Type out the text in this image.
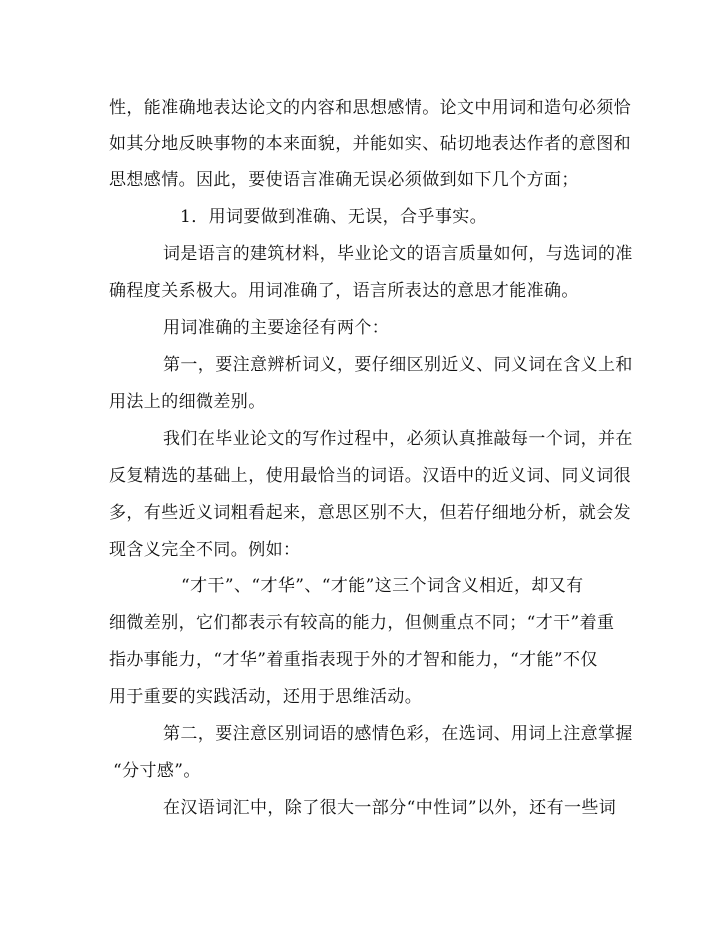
性，能准确地表达论文的内容和思想感情。论文中用词和造句必须恰
如其分地反映事物的本来面貌，并能如实、砧切地表达作者的意图和
思想感情。因此，要使语言准确无误必须做到如下几个方面；
1．用词要做到准确、无误，合乎事实。
词是语言的建筑材料，毕业论文的语言质量如何，与选词的准
确程度关系极大。用词准确了，语言所表达的意思才能准确。
用词准确的主要途径有两个：
第一，要注意辨析词义，要仔细区别近义、同义词在含义上和
用法上的细微差别。
我们在毕业论文的写作过程中，必须认真推敲每一个词，并在
反复精选的基础上，使用最恰当的词语。汉语中的近义词、同义词很
多，有些近义词粗看起来，意思区别不大，但若仔细地分析，就会发
现含义完全不同。例如：
“才干”、“才华”、“才能”这三个词含义相近，却又有
细微差别，它们都表示有较高的能力，但侧重点不同；“才干”着重
指办事能力，“才华”着重指表现于外的才智和能力，“才能”不仅
用于重要的实践活动，还用于思维活动。
第二，要注意区别词语的感情色彩，在选词、用词上注意掌握
“分寸感”。
在汉语词汇中，除了很大一部分“中性词”以外，还有一些词
